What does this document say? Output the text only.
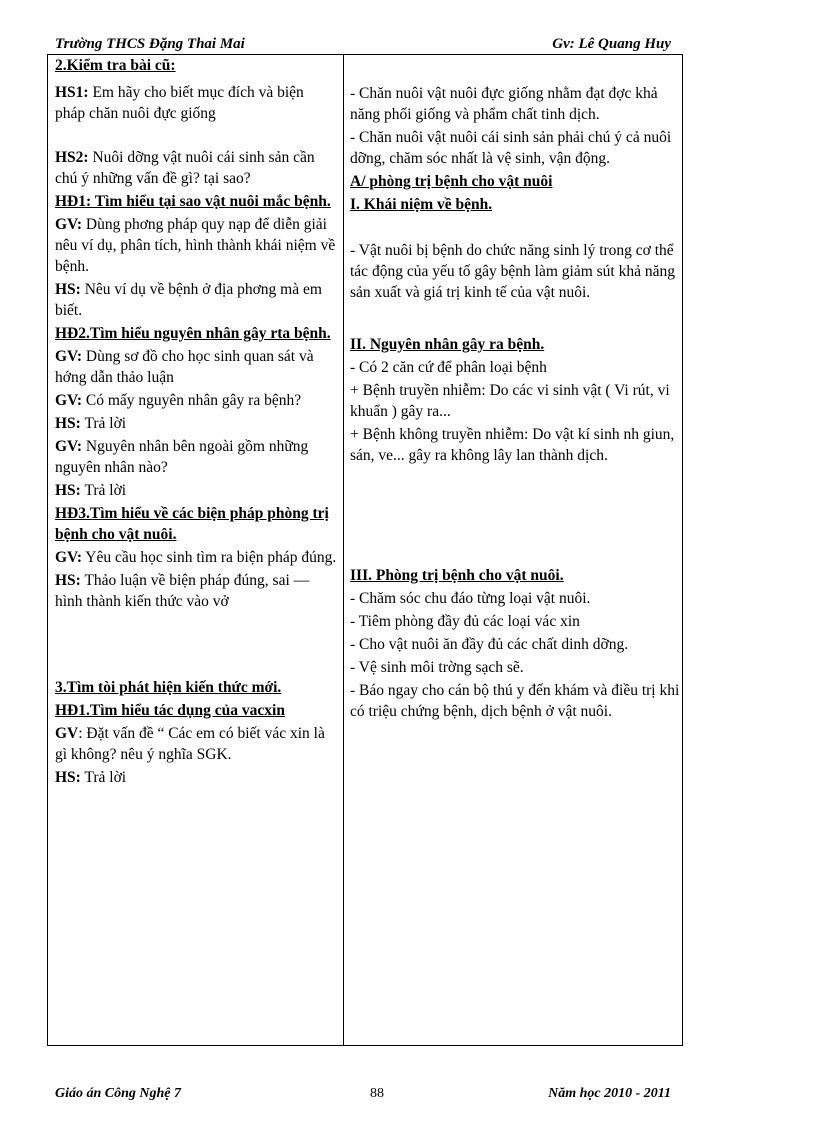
Trường THCS Đặng Thai Mai	Gv: Lê Quang Huy

2.Kiểm tra bài cũ:

HS1: Em hãy cho biết mục đích và biện pháp chăn nuôi đực giống

HS2: Nuôi dỡng vật nuôi cái sinh sản cần chú ý những vấn đề gì? tại sao?

HĐ1: Tìm hiểu tại sao vật nuôi mắc bệnh.

GV: Dùng phơng pháp quy nạp để diễn giải nêu ví dụ, phân tích, hình thành khái niệm về bệnh.

HS: Nêu ví dụ về bệnh ở địa phơng mà em biết.

HĐ2.Tìm hiểu nguyên nhân gây rta bệnh.

GV: Dùng sơ đồ cho học sinh quan sát và hớng dẫn thảo luận

GV: Có mấy nguyên nhân gây ra bệnh?

HS: Trả lời

GV: Nguyên nhân bên ngoài gồm những nguyên nhân nào?

HS: Trả lời

HĐ3.Tìm hiểu về các biện pháp phòng trị bệnh cho vật nuôi.

GV: Yêu cầu học sinh tìm ra biện pháp đúng.

HS: Thảo luận về biện pháp đúng, sai — hình thành kiến thức vào vở

3.Tìm tòi phát hiện kiến thức mới.

HĐ1.Tìm hiểu tác dụng của vacxin

GV: Đặt vấn đề “ Các em có biết vác xin là gì không? nêu ý nghĩa SGK.

HS: Trả lời

- Chăn nuôi vật nuôi đực giống nhằm đạt đợc khả năng phối giống và phẩm chất tinh dịch.

- Chăn nuôi vật nuôi cái sinh sản phải chú ý cả nuôi dỡng, chăm sóc nhất là vệ sinh, vận động.

A/ phòng trị bệnh cho vật nuôi

I. Khái niệm về bệnh.

- Vật nuôi bị bệnh do chức năng sinh lý trong cơ thể tác động của yếu tố gây bệnh làm giảm sút khả năng sản xuất và giá trị kinh tế của vật nuôi.

II. Nguyên nhân gây ra bệnh.

- Có 2 căn cứ để phân loại bệnh

+ Bệnh truyền nhiễm: Do các vi sinh vật ( Vi rút, vi khuẩn ) gây ra...

+ Bệnh không truyền nhiễm: Do vật kí sinh nh giun, sán, ve... gây ra không lây lan thành dịch.

III. Phòng trị bệnh cho vật nuôi.

- Chăm sóc chu đáo từng loại vật nuôi.

- Tiêm phòng đầy đủ các loại vác xin

- Cho vật nuôi ăn đầy đủ các chất dinh dỡng.

- Vệ sinh môi trờng sạch sẽ.

- Báo ngay cho cán bộ thú y đến khám và điều trị khi có triệu chứng bệnh, dịch bệnh ở vật nuôi.

Giáo án Công Nghệ 7	88	Năm học 2010 - 2011
